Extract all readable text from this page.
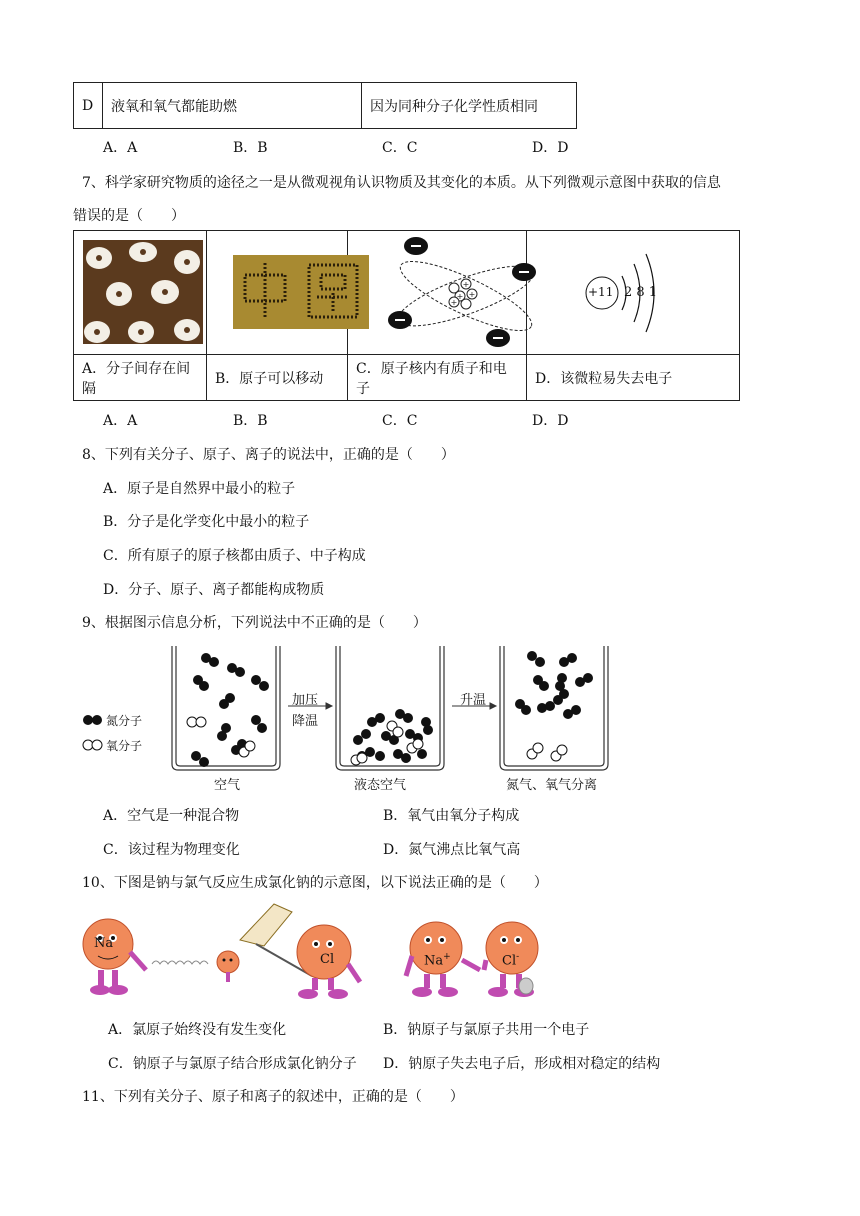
D	液氧和氧气都能助燃	因为同种分子化学性质相同
A．A	B．B	C．C	D．D
7、科学家研究物质的途径之一是从微观视角认识物质及其变化的本质。从下列微观示意图中获取的信息
错误的是（　　）

A．分子间存在间隔	B．原子可以移动	C．原子核内有质子和电子	D．该微粒易失去电子
+
+
+
+	+11 2 8 1
A．A	B．B	C．C	D．D
8、下列有关分子、原子、离子的说法中，正确的是（　　）
A．原子是自然界中最小的粒子
B．分子是化学变化中最小的粒子
C．所有原子的原子核都由质子、中子构成
D．分子、原子、离子都能构成物质
9、根据图示信息分析，下列说法中不正确的是（　　）
氮分子
氧分子
加压
降温
升温
空气	液态空气	氮气、氧气分离
A．空气是一种混合物	B．氧气由氧分子构成
C．该过程为物理变化	D．氮气沸点比氧气高
10、下图是钠与氯气反应生成氯化钠的示意图，以下说法正确的是（　　）
Na
Cl	Na+	Cl-
A．氯原子始终没有发生变化	B．钠原子与氯原子共用一个电子
C．钠原子与氯原子结合形成氯化钠分子 D．钠原子失去电子后，形成相对稳定的结构
11、下列有关分子、原子和离子的叙述中，正确的是（　　）
